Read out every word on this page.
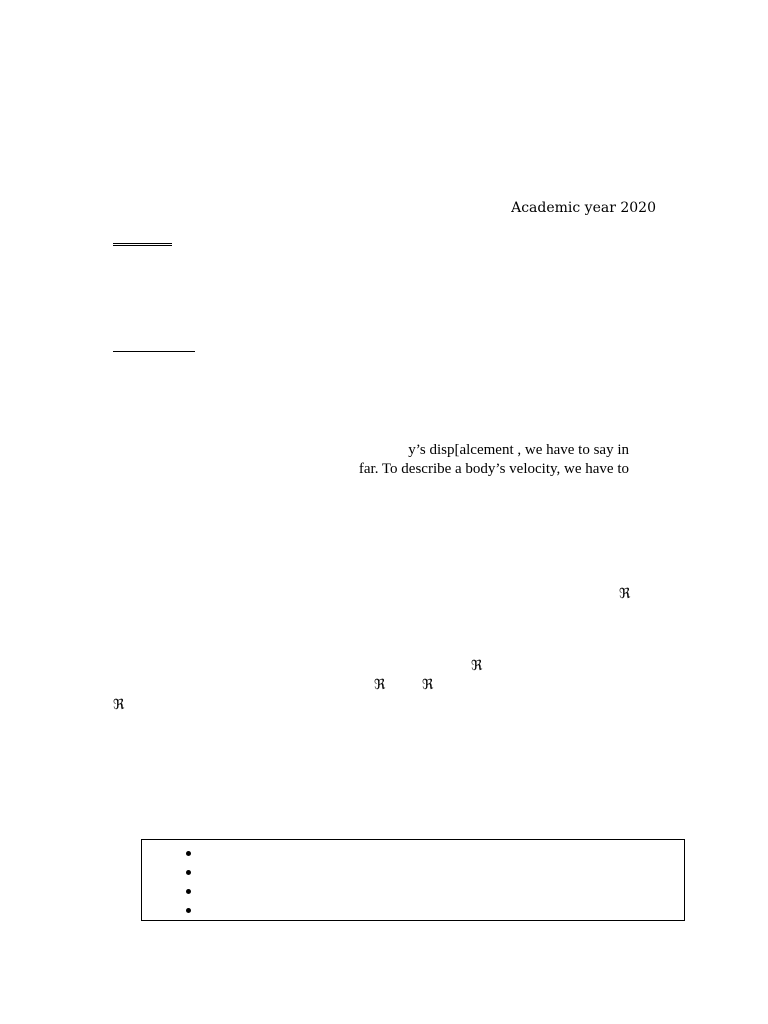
Academic year 2020
y’s disp[alcement , we have to say in
far. To describe a body’s velocity, we have to
ℜ
ℜ
ℜ	ℜ
ℜ
